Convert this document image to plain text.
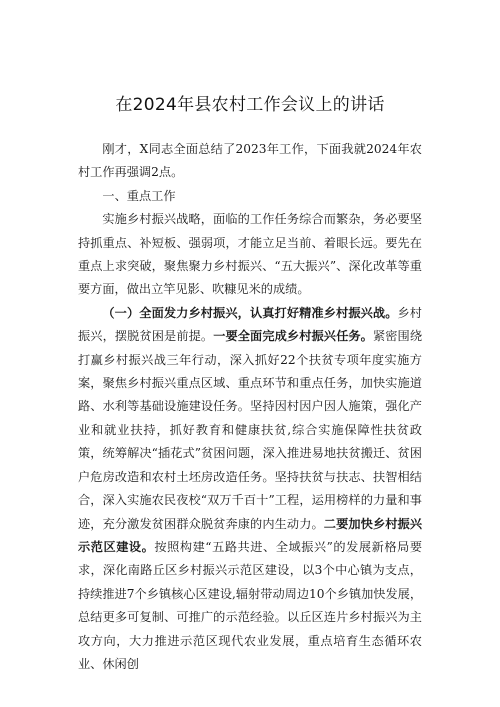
在2024年县农村工作会议上的讲话

刚才，X同志全面总结了2023年工作，下面我就2024年农村工作再强调2点。

一、重点工作

实施乡村振兴战略，面临的工作任务综合而繁杂，务必要坚持抓重点、补短板、强弱项，才能立足当前、着眼长远。要先在重点上求突破，聚焦聚力乡村振兴、“五大振兴”、深化改革等重要方面，做出立竿见影、吹糠见米的成绩。

（一）全面发力乡村振兴，认真打好精准乡村振兴战。乡村振兴，摆脱贫困是前提。一要全面完成乡村振兴任务。紧密围绕打赢乡村振兴战三年行动，深入抓好22个扶贫专项年度实施方案，聚焦乡村振兴重点区域、重点环节和重点任务，加快实施道路、水利等基础设施建设任务。坚持因村因户因人施策，强化产业和就业扶持，抓好教育和健康扶贫,综合实施保障性扶贫政策，统筹解决“插花式”贫困问题，深入推进易地扶贫搬迁、贫困户危房改造和农村土坯房改造任务。坚持扶贫与扶志、扶智相结合，深入实施农民夜校“双万千百十”工程，运用榜样的力量和事迹，充分激发贫困群众脱贫奔康的内生动力。二要加快乡村振兴示范区建设。按照构建“五路共进、全域振兴”的发展新格局要求，深化南路丘区乡村振兴示范区建设，以3个中心镇为支点，持续推进7个乡镇核心区建设,辐射带动周边10个乡镇加快发展，总结更多可复制、可推广的示范经验。以丘区连片乡村振兴为主攻方向，大力推进示范区现代农业发展，重点培育生态循环农业、休闲创
